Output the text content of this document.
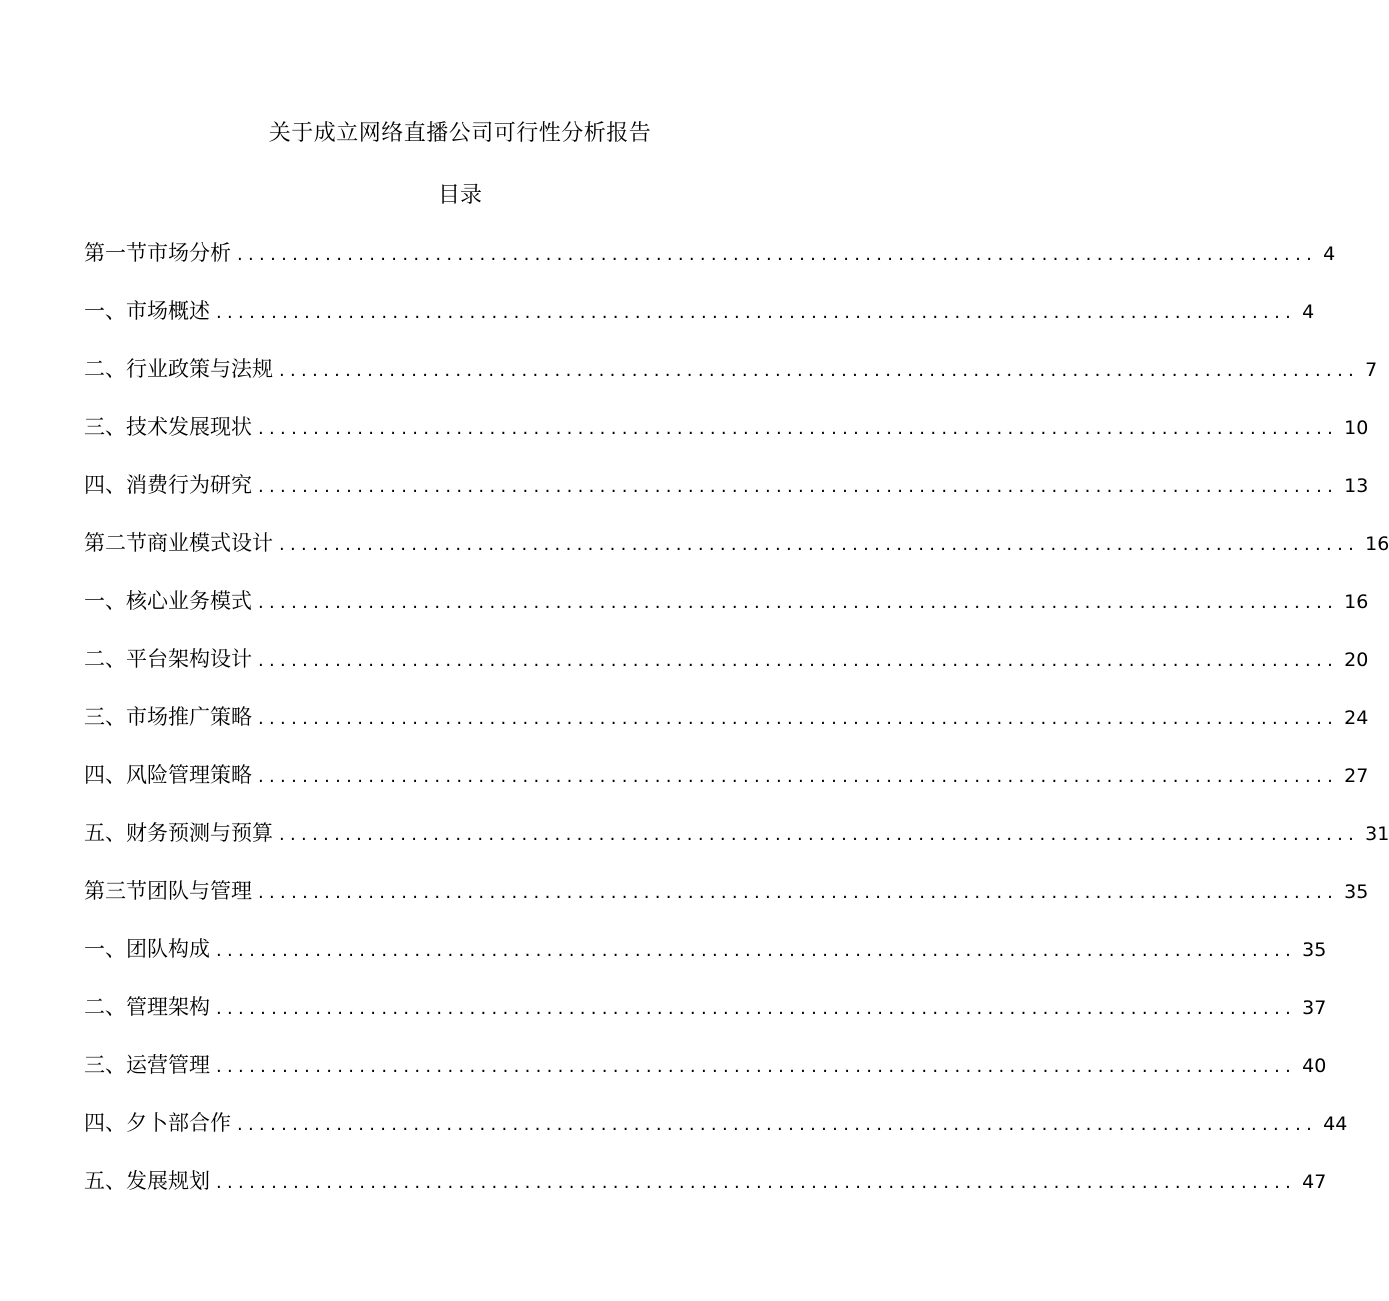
关于成立网络直播公司可行性分析报告
目录
第一节市场分析 .................................................................................................. 4
一、市场概述 .................................................................................................. 4
二、行业政策与法规 .................................................................................................. 7
三、技术发展现状 .................................................................................................. 10
四、消费行为研究 .................................................................................................. 13
第二节商业模式设计 .................................................................................................. 16
一、核心业务模式 .................................................................................................. 16
二、平台架构设计 .................................................................................................. 20
三、市场推广策略 .................................................................................................. 24
四、风险管理策略 .................................................................................................. 27
五、财务预测与预算 .................................................................................................. 31
第三节团队与管理 .................................................................................................. 35
一、团队构成 .................................................................................................. 35
二、管理架构 .................................................................................................. 37
三、运营管理 .................................................................................................. 40
四、夕卜部合作 .................................................................................................. 44
五、发展规划 .................................................................................................. 47
